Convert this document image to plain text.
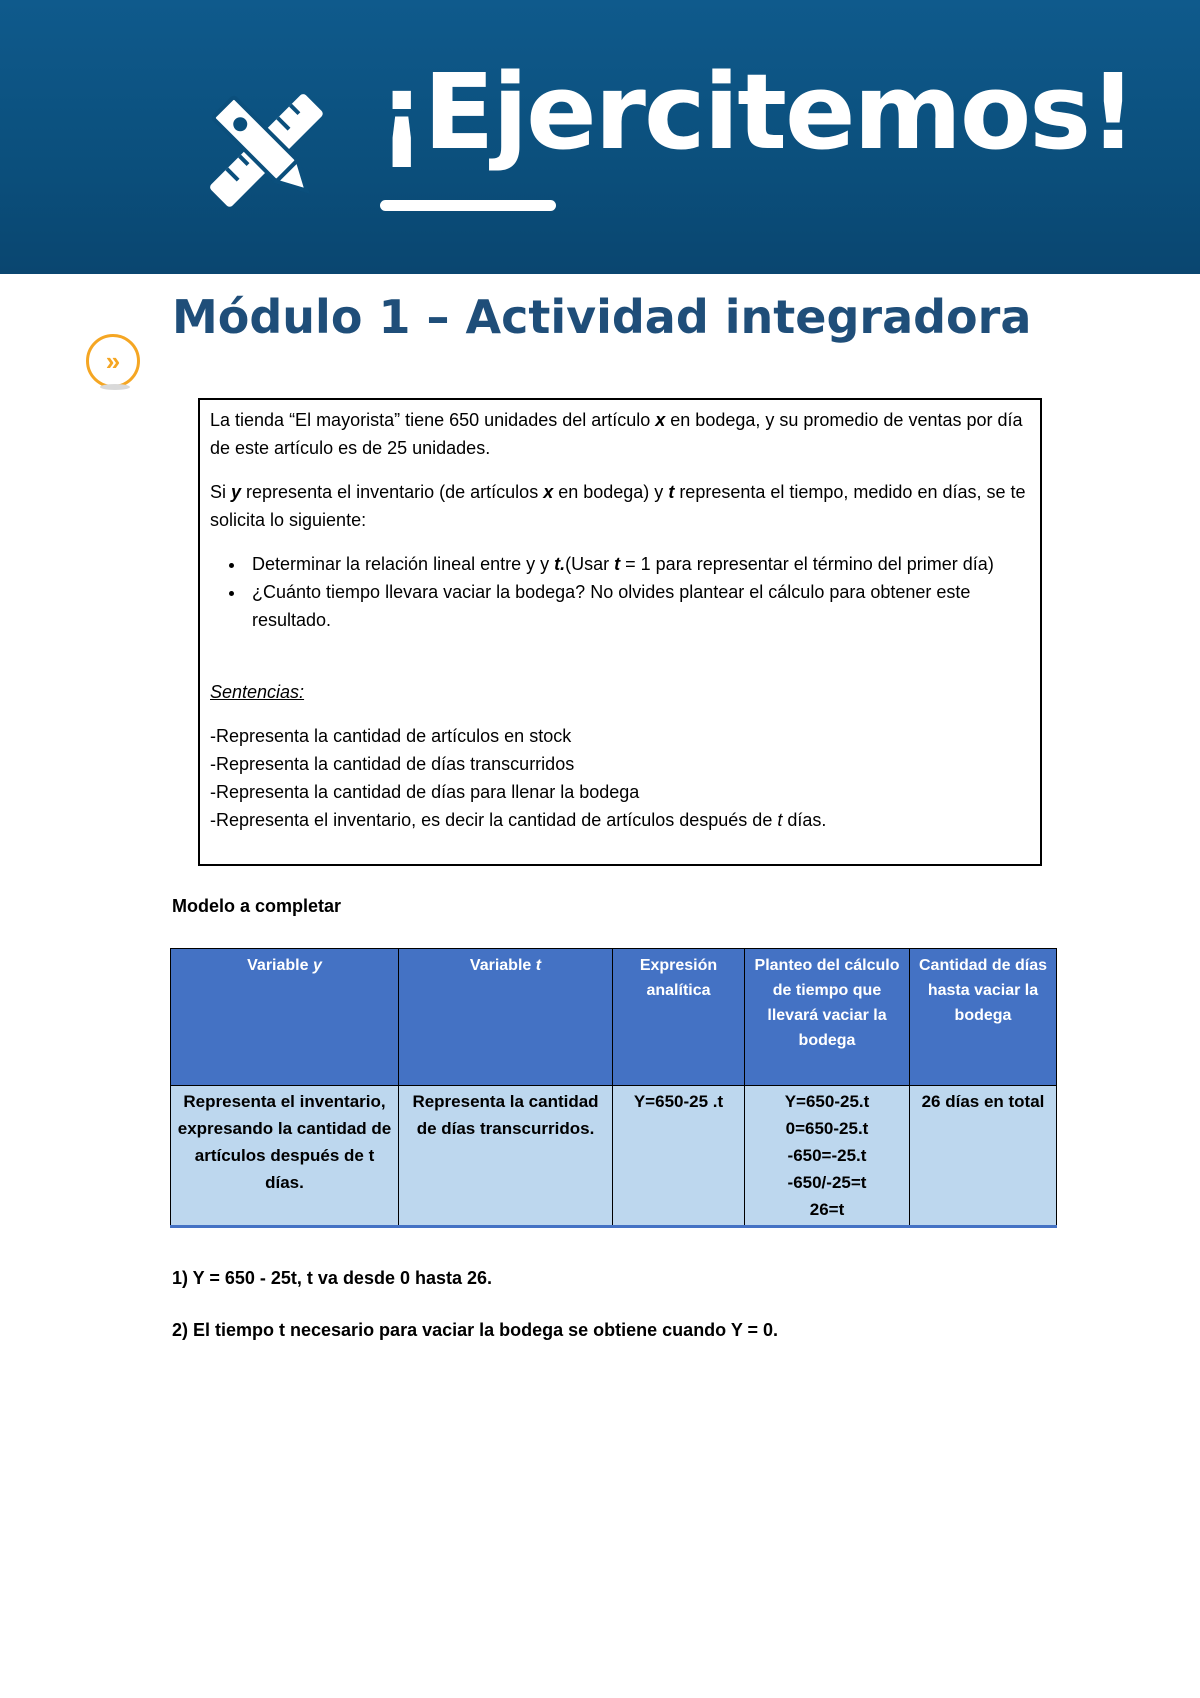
¡Ejercitemos!
»
Módulo 1 – Actividad integradora

La tienda “El mayorista” tiene 650 unidades del artículo x en bodega, y su promedio de ventas por día de este artículo es de 25 unidades.

Si y representa el inventario (de artículos x en bodega) y t representa el tiempo, medido en días, se te solicita lo siguiente:

• Determinar la relación lineal entre y y t.(Usar t = 1 para representar el término del primer día)
• ¿Cuánto tiempo llevara vaciar la bodega? No olvides plantear el cálculo para obtener este resultado.

Sentencias:

-Representa la cantidad de artículos en stock

-Representa la cantidad de días transcurridos

-Representa la cantidad de días para llenar la bodega

-Representa el inventario, es decir la cantidad de artículos después de t días.

Modelo a completar
Variable y	Variable t	Expresión analítica	Planteo del cálculo de tiempo que llevará vaciar la bodega	Cantidad de días hasta vaciar la bodega
Representa el inventario, expresando la cantidad de artículos después de t días.	Representa la cantidad de días transcurridos.	Y=650-25 .t	Y=650-25.t
0=650-25.t
-650=-25.t
-650/-25=t
26=t	26 días en total
1) Y = 650 - 25t, t va desde 0 hasta 26.
2) El tiempo t necesario para vaciar la bodega se obtiene cuando Y = 0.
